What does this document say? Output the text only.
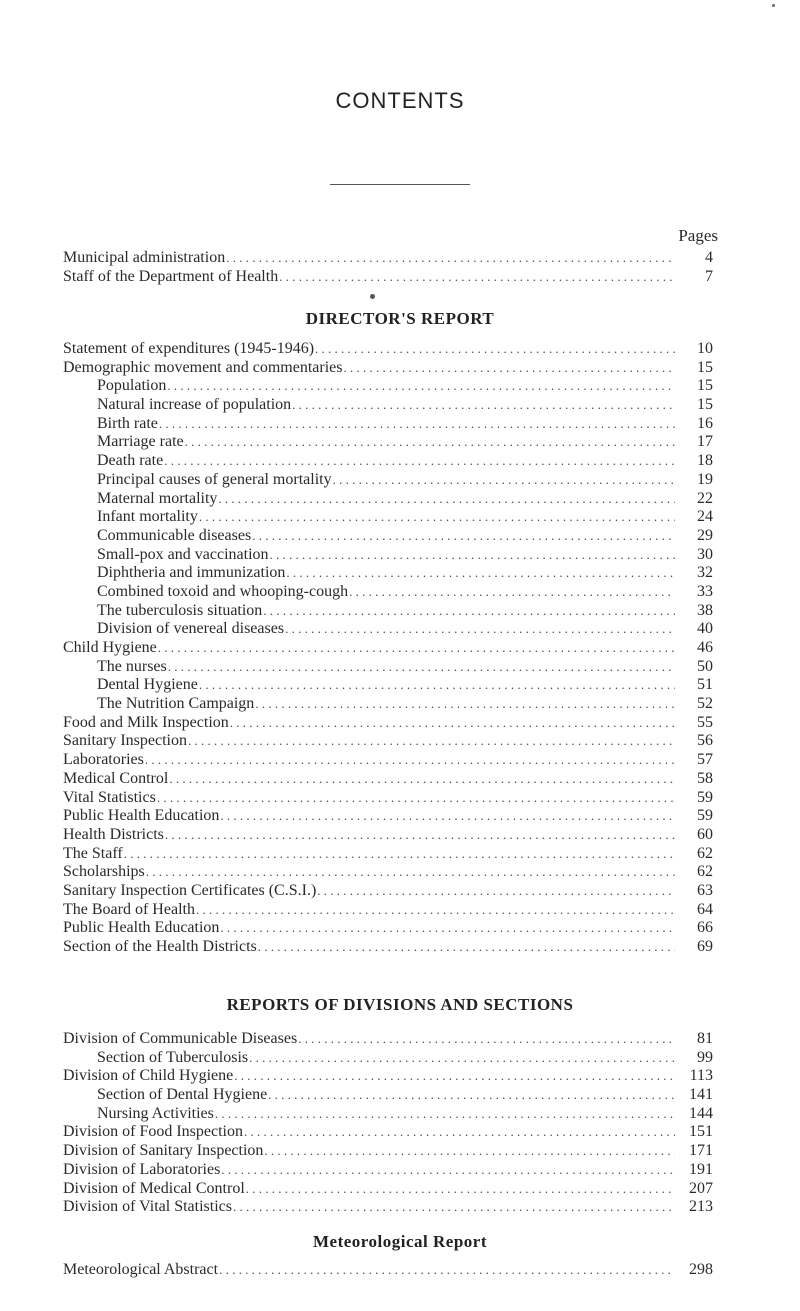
CONTENTS
Pages
Municipal administration . . .	4
Staff of the Department of Health . . .	7
DIRECTOR'S REPORT
Statement of expenditures (1945-1946) . . .	10
Demographic movement and commentaries . . .	15
Population . . .	15
Natural increase of population . . .	15
Birth rate . . .	16
Marriage rate . . .	17
Death rate . . .	18
Principal causes of general mortality . . .	19
Maternal mortality . . .	22
Infant mortality . . .	24
Communicable diseases . . .	29
Small-pox and vaccination . . .	30
Diphtheria and immunization . . .	32
Combined toxoid and whooping-cough . . .	33
The tuberculosis situation . . .	38
Division of venereal diseases . . .	40
Child Hygiene . . .	46
The nurses . . .	50
Dental Hygiene . . .	51
The Nutrition Campaign . . .	52
Food and Milk Inspection . . .	55
Sanitary Inspection . . .	56
Laboratories . . .	57
Medical Control . . .	58
Vital Statistics . . .	59
Public Health Education . . .	59
Health Districts . . .	60
The Staff . . .	62
Scholarships . . .	62
Sanitary Inspection Certificates (C.S.I.) . . .	63
The Board of Health . . .	64
Public Health Education . . .	66
Section of the Health Districts . . .	69
REPORTS OF DIVISIONS AND SECTIONS
Division of Communicable Diseases . . .	81
Section of Tuberculosis . . .	99
Division of Child Hygiene . . .	113
Section of Dental Hygiene . . .	141
Nursing Activities . . .	144
Division of Food Inspection . . .	151
Division of Sanitary Inspection . . .	171
Division of Laboratories . . .	191
Division of Medical Control . . .	207
Division of Vital Statistics . . .	213
Meteorological Report
Meteorological Abstract . . .	298
